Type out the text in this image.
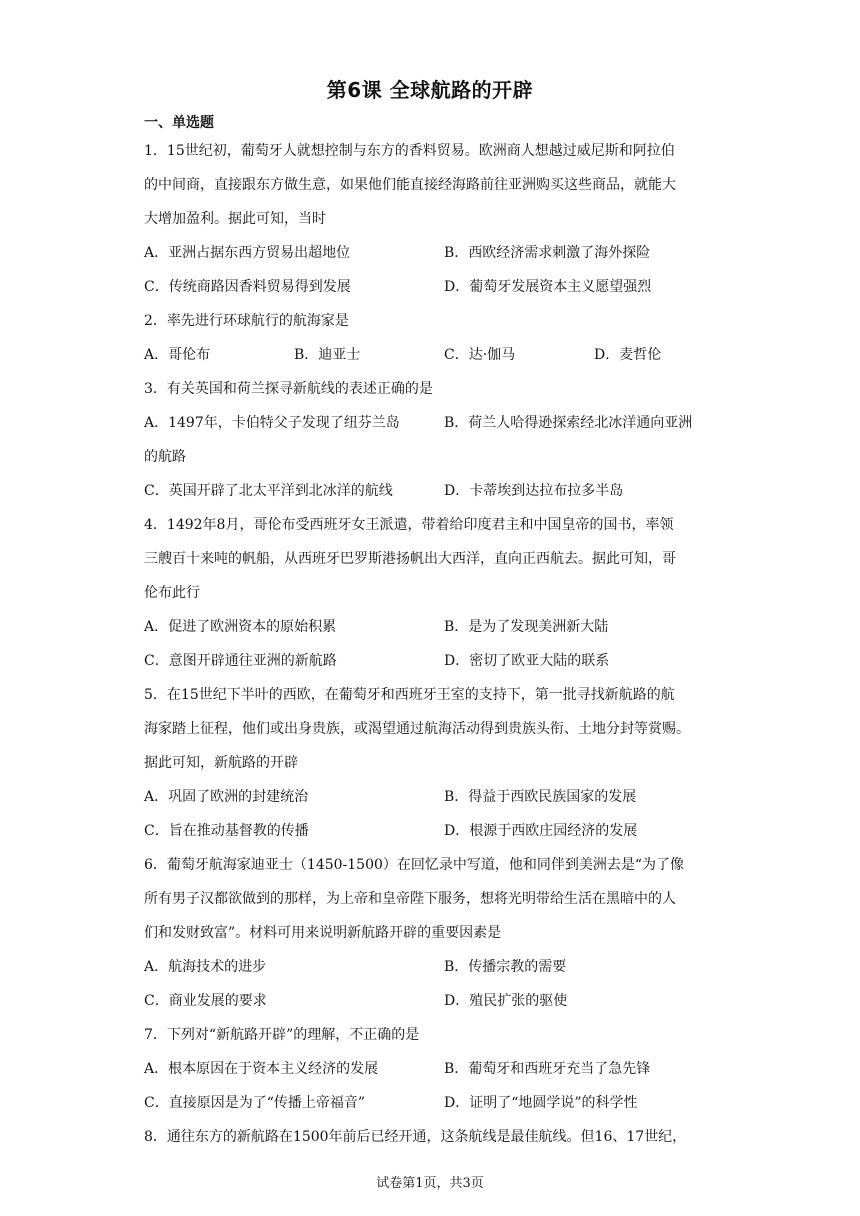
第6课 全球航路的开辟
一、单选题
1．15世纪初，葡萄牙人就想控制与东方的香料贸易。欧洲商人想越过威尼斯和阿拉伯
的中间商，直接跟东方做生意，如果他们能直接经海路前往亚洲购买这些商品，就能大
大增加盈利。据此可知，当时
A．亚洲占据东西方贸易出超地位	B．西欧经济需求刺激了海外探险
C．传统商路因香料贸易得到发展	D．葡萄牙发展资本主义愿望强烈
2．率先进行环球航行的航海家是
A．哥伦布	B．迪亚士	C．达·伽马	D．麦哲伦
3．有关英国和荷兰探寻新航线的表述正确的是
A．1497年，卡伯特父子发现了纽芬兰岛	B．荷兰人哈得逊探索经北冰洋通向亚洲
的航路
C．英国开辟了北太平洋到北冰洋的航线	D．卡蒂埃到达拉布拉多半岛
4．1492年8月，哥伦布受西班牙女王派遣，带着给印度君主和中国皇帝的国书，率领
三艘百十来吨的帆船，从西班牙巴罗斯港扬帆出大西洋，直向正西航去。据此可知，哥
伦布此行
A．促进了欧洲资本的原始积累	B．是为了发现美洲新大陆
C．意图开辟通往亚洲的新航路	D．密切了欧亚大陆的联系
5．在15世纪下半叶的西欧，在葡萄牙和西班牙王室的支持下，第一批寻找新航路的航
海家踏上征程，他们或出身贵族，或渴望通过航海活动得到贵族头衔、土地分封等赏赐。
据此可知，新航路的开辟
A．巩固了欧洲的封建统治	B．得益于西欧民族国家的发展
C．旨在推动基督教的传播	D．根源于西欧庄园经济的发展
6．葡萄牙航海家迪亚士（1450-1500）在回忆录中写道，他和同伴到美洲去是“为了像
所有男子汉都欲做到的那样，为上帝和皇帝陛下服务，想将光明带给生活在黑暗中的人
们和发财致富”。材料可用来说明新航路开辟的重要因素是
A．航海技术的进步	B．传播宗教的需要
C．商业发展的要求	D．殖民扩张的驱使
7．下列对“新航路开辟”的理解，不正确的是
A．根本原因在于资本主义经济的发展	B．葡萄牙和西班牙充当了急先锋
C．直接原因是为了“传播上帝福音”	D．证明了“地圆学说”的科学性
8．通往东方的新航路在1500年前后已经开通，这条航线是最佳航线。但16、17世纪，
试卷第1页，共3页
